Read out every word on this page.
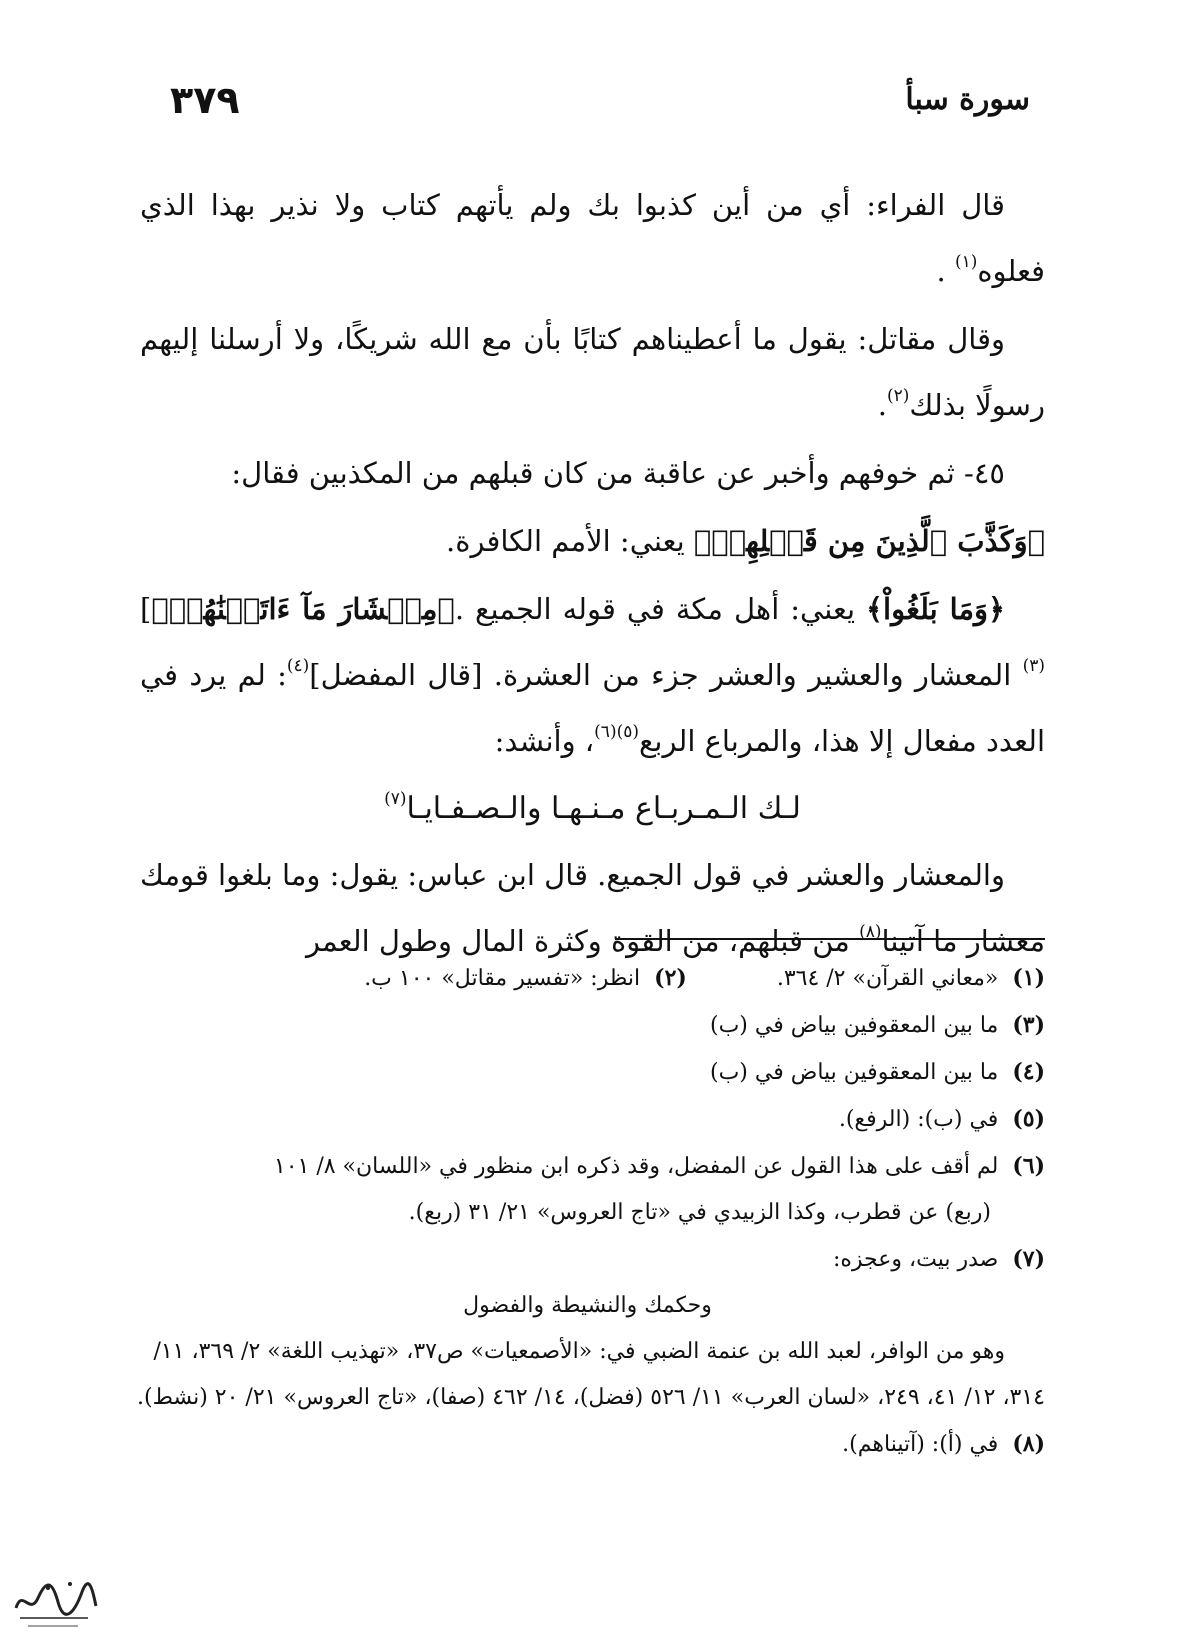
٣٧٩	سورة سبأ

قال الفراء: أي من أين كذبوا بك ولم يأتهم كتاب ولا نذير بهذا الذي فعلوه$^{(١)}$ .

وقال مقاتل: يقول ما أعطيناهم كتابًا بأن مع الله شريكًا، ولا أرسلنا إليهم رسولًا بذلك$^{(٢)}$.

٤٥- ثم خوفهم وأخبر عن عاقبة من كان قبلهم من المكذبين فقال:

﴿وَكَذَّبَ ٱلَّذِينَ مِن قَبۡلِهِمۡ﴾ يعني: الأمم الكافرة.

﴿وَمَا بَلَغُواْ﴾ يعني: أهل مكة في قوله الجميع .﴿مِعۡشَارَ مَآ ءَاتَيۡنَٰهُمۡ﴾]$^{(٣)}$ المعشار والعشير والعشر جزء من العشرة. [قال المفضل]$^{(٤)}$: لم يرد في العدد مفعال إلا هذا، والمرباع الربع$^{(٥)(٦)}$، وأنشد:

لـك الـمـربـاع مـنـهـا والـصـفـايـا$^{(٧)}$

والمعشار والعشر في قول الجميع. قال ابن عباس: يقول: وما بلغوا قومك معشار ما آتينا$^{(٨)}$ من قبلهم، من القوة وكثرة المال وطول العمر

(١)  «معاني القرآن» ٢/ ٣٦٤.
(٢)  انظر: «تفسير مقاتل» ١٠٠ ب.

(٣)  ما بين المعقوفين بياض في (ب)

(٤)  ما بين المعقوفين بياض في (ب)

(٥)  في (ب): (الرفع).

(٦)  لم أقف على هذا القول عن المفضل، وقد ذكره ابن منظور في «اللسان» ٨/ ١٠١

(ربع) عن قطرب، وكذا الزبيدي في «تاج العروس» ٢١/ ٣١ (ربع).

(٧)  صدر بيت، وعجزه:

وحكمك والنشيطة والفضول

وهو من الوافر، لعبد الله بن عنمة الضبي في: «الأصمعيات» ص٣٧، «تهذيب اللغة» ٢/ ٣٦٩، ١١/ ٣١٤، ١٢/ ٤١، ٢٤٩، «لسان العرب» ١١/ ٥٢٦ (فضل)، ١٤/ ٤٦٢ (صفا)، «تاج العروس» ٢١/ ٢٠ (نشط).

(٨)  في (أ): (آتيناهم).
